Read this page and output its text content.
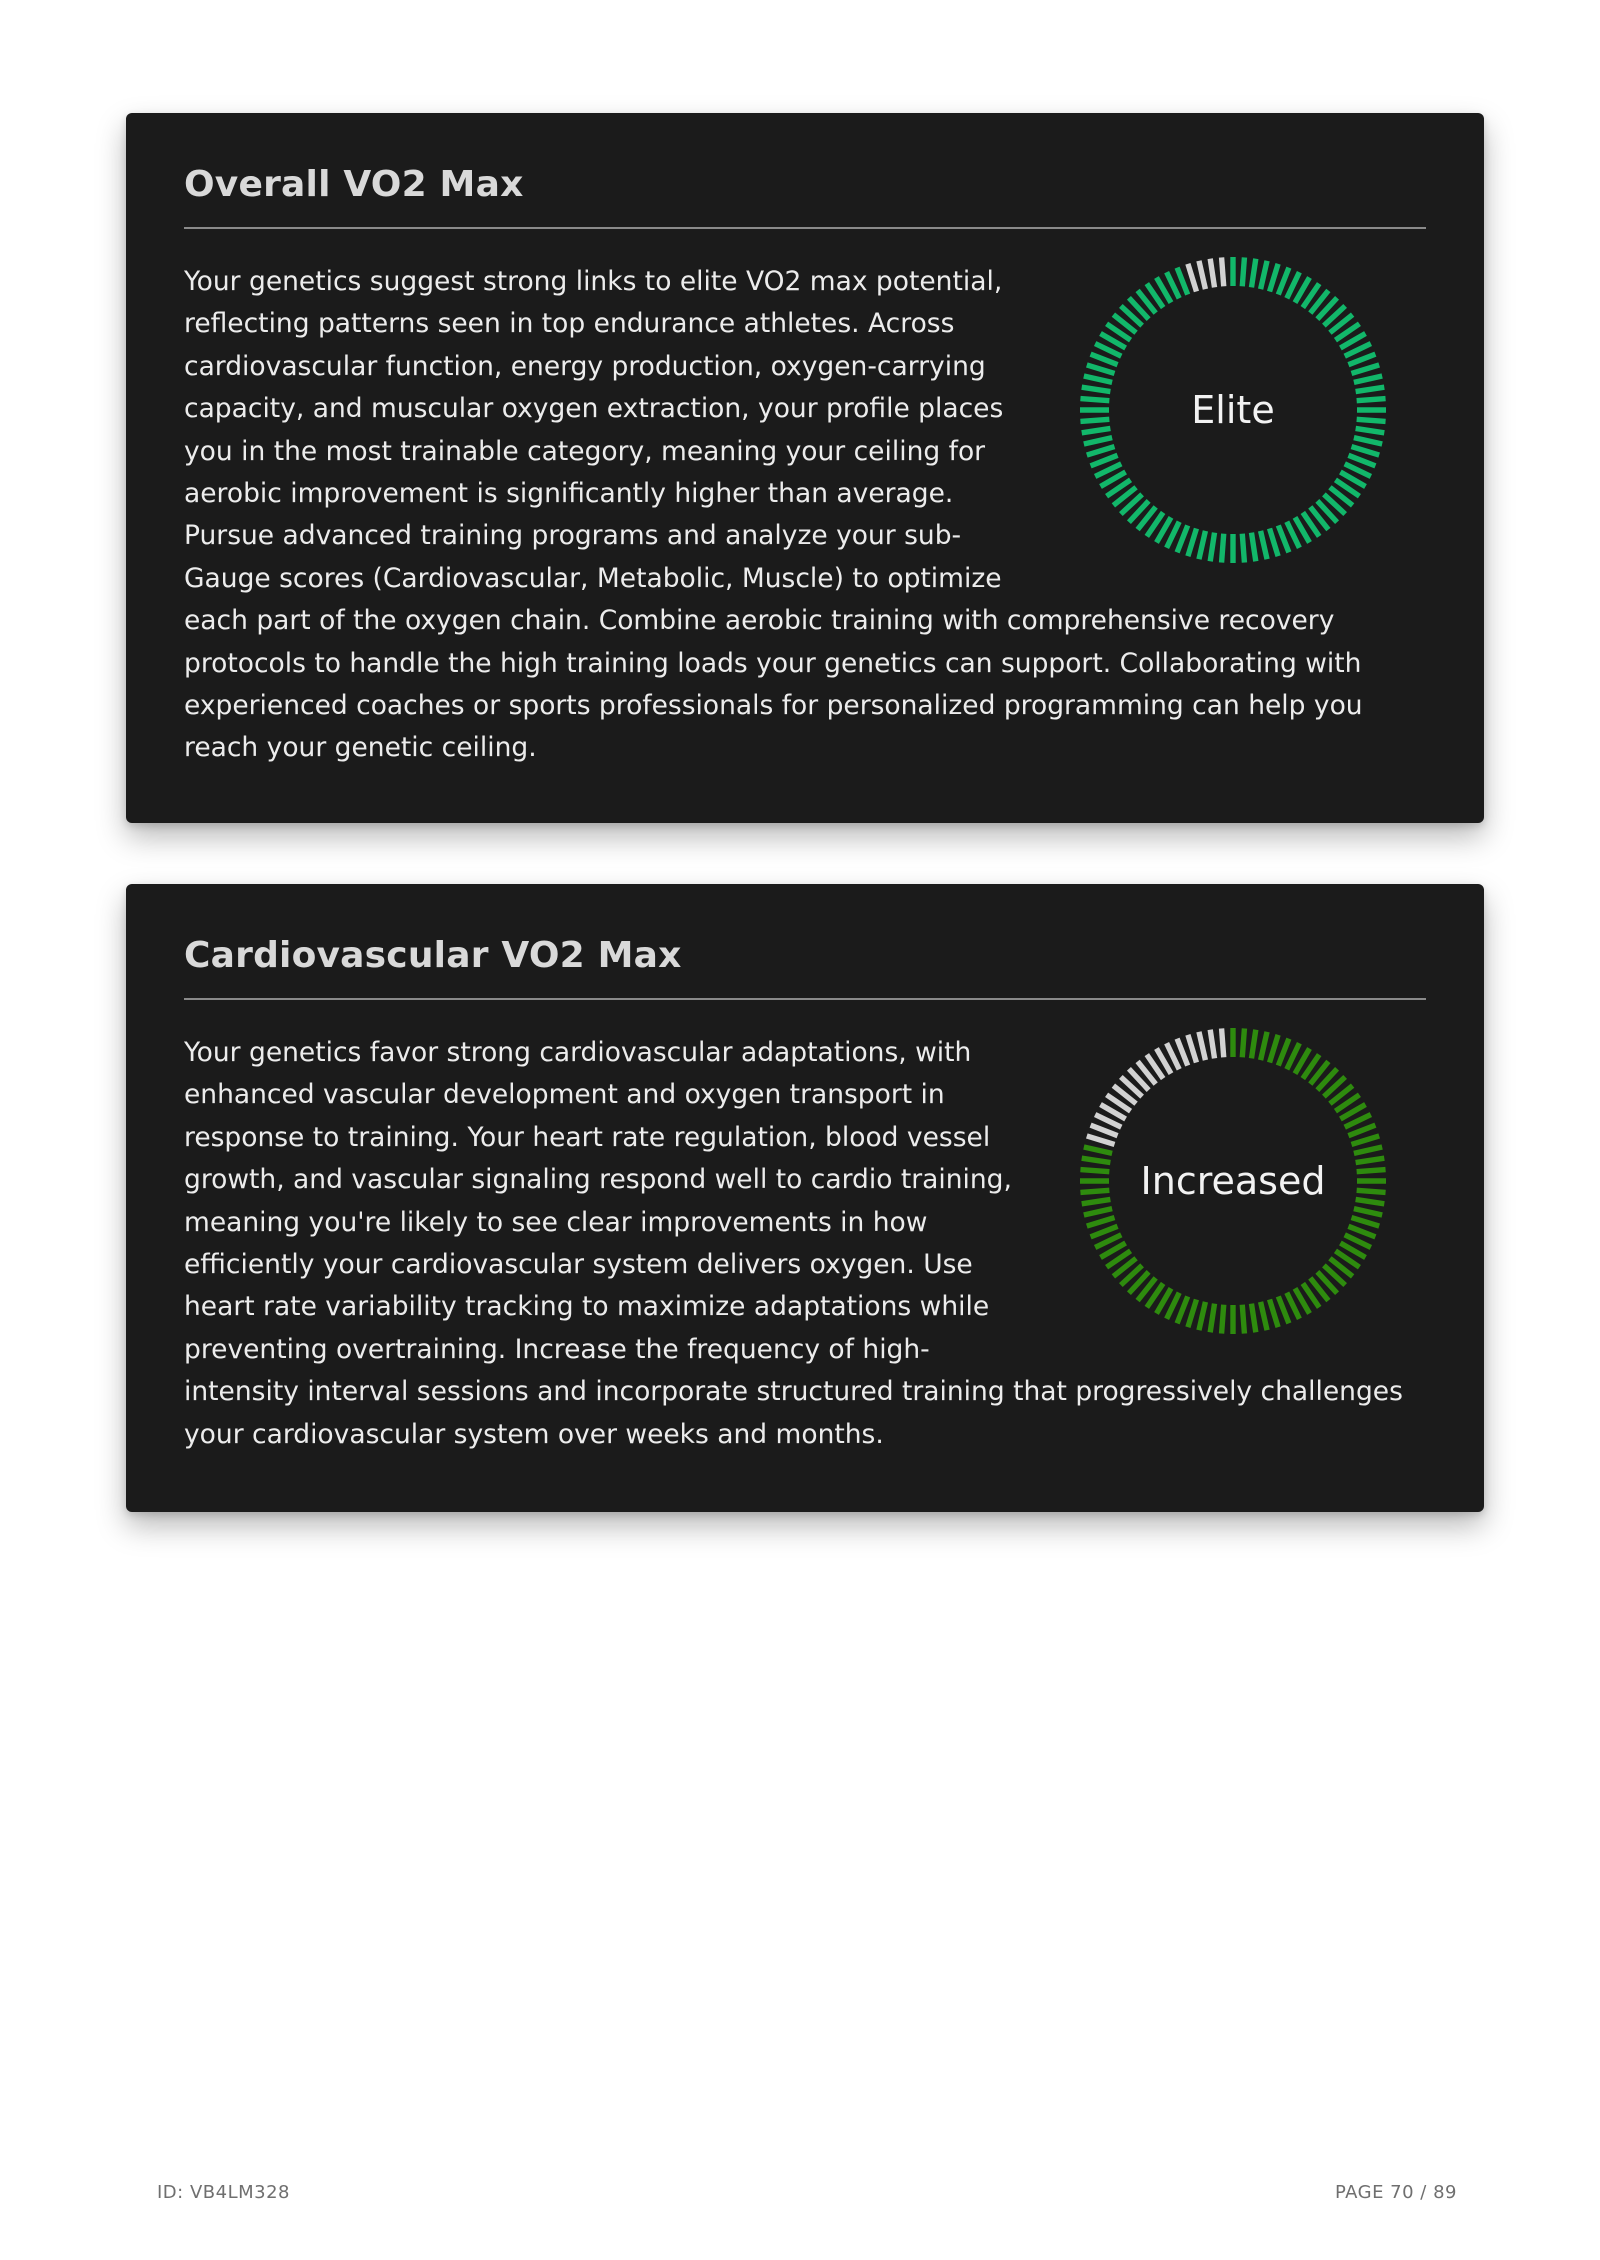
Overall VO2 Max
Elite

Your genetics suggest strong links to elite VO2 max potential, reflecting patterns seen in top endurance athletes. Across cardiovascular function, energy production, oxygen-carrying capacity, and muscular oxygen extraction, your profile places you in the most trainable category, meaning your ceiling for aerobic improvement is significantly higher than average. Pursue advanced training programs and analyze your sub-Gauge scores (Cardiovascular, Metabolic, Muscle) to optimize each part of the oxygen chain. Combine aerobic training with comprehensive recovery protocols to handle the high training loads your genetics can support. Collaborating with experienced coaches or sports professionals for personalized programming can help you reach your genetic ceiling.

Cardiovascular VO2 Max
Increased

Your genetics favor strong cardiovascular adaptations, with enhanced vascular development and oxygen transport in response to training. Your heart rate regulation, blood vessel growth, and vascular signaling respond well to cardio training, meaning you're likely to see clear improvements in how efficiently your cardiovascular system delivers oxygen. Use heart rate variability tracking to maximize adaptations while preventing overtraining. Increase the frequency of high-intensity interval sessions and incorporate structured training that progressively challenges your cardiovascular system over weeks and months.

ID: VB4LM328	PAGE 70 / 89
